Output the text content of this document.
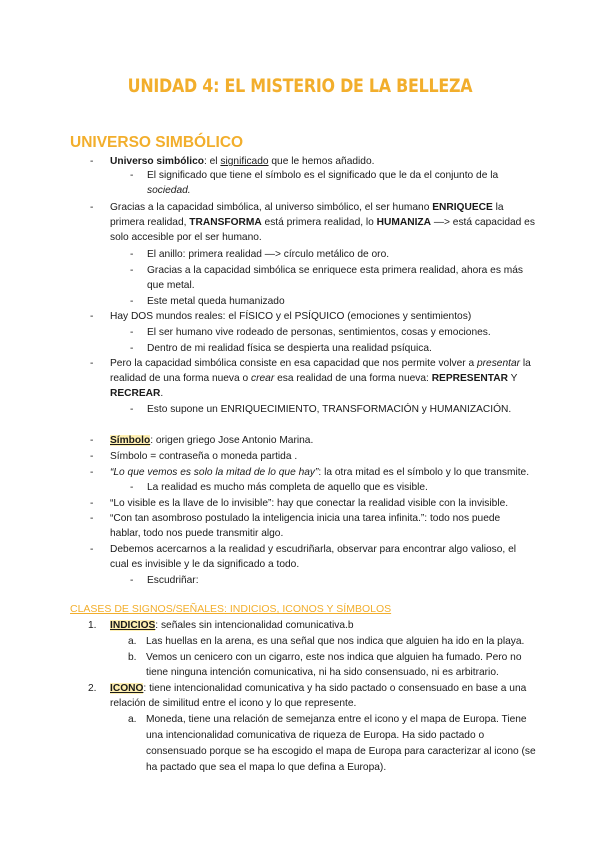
UNIDAD 4: EL MISTERIO DE LA BELLEZA
UNIVERSO SIMBÓLICO
- Universo simbólico: el significado que le hemos añadido.
- El significado que tiene el símbolo es el significado que le da el conjunto de la
sociedad.
- Gracias a la capacidad simbólica, al universo simbólico, el ser humano ENRIQUECE la
primera realidad, TRANSFORMA está primera realidad, lo HUMANIZA —> está capacidad es
solo accesible por el ser humano.
- El anillo: primera realidad —> círculo metálico de oro.
- Gracias a la capacidad simbólica se enriquece esta primera realidad, ahora es más
que metal.
- Este metal queda humanizado
- Hay DOS mundos reales: el FÍSICO y el PSÍQUICO (emociones y sentimientos)
- El ser humano vive rodeado de personas, sentimientos, cosas y emociones.
- Dentro de mi realidad física se despierta una realidad psíquica.
- Pero la capacidad simbólica consiste en esa capacidad que nos permite volver a presentar la
realidad de una forma nueva o crear esa realidad de una forma nueva: REPRESENTAR Y
RECREAR.
- Esto supone un ENRIQUECIMIENTO, TRANSFORMACIÓN y HUMANIZACIÓN.
- Símbolo: origen griego Jose Antonio Marina.
- Símbolo = contraseña o moneda partida .
- “Lo que vemos es solo la mitad de lo que hay”: la otra mitad es el símbolo y lo que transmite.
- La realidad es mucho más completa de aquello que es visible.
- “Lo visible es la llave de lo invisible”: hay que conectar la realidad visible con la invisible.
- “Con tan asombroso postulado la inteligencia inicia una tarea infinita.”: todo nos puede
hablar, todo nos puede transmitir algo.
- Debemos acercarnos a la realidad y escudriñarla, observar para encontrar algo valioso, el
cual es invisible y le da significado a todo.
- Escudriñar:
CLASES DE SIGNOS/SEÑALES: INDICIOS, ICONOS Y SÍMBOLOS
1. INDICIOS: señales sin intencionalidad comunicativa.b
a. Las huellas en la arena, es una señal que nos indica que alguien ha ido en la playa.
b. Vemos un cenicero con un cigarro, este nos indica que alguien ha fumado. Pero no
tiene ninguna intención comunicativa, ni ha sido consensuado, ni es arbitrario.
2. ICONO: tiene intencionalidad comunicativa y ha sido pactado o consensuado en base a una
relación de similitud entre el icono y lo que represente.
a. Moneda, tiene una relación de semejanza entre el icono y el mapa de Europa. Tiene
una intencionalidad comunicativa de riqueza de Europa. Ha sido pactado o
consensuado porque se ha escogido el mapa de Europa para caracterizar al icono (se
ha pactado que sea el mapa lo que defina a Europa).
